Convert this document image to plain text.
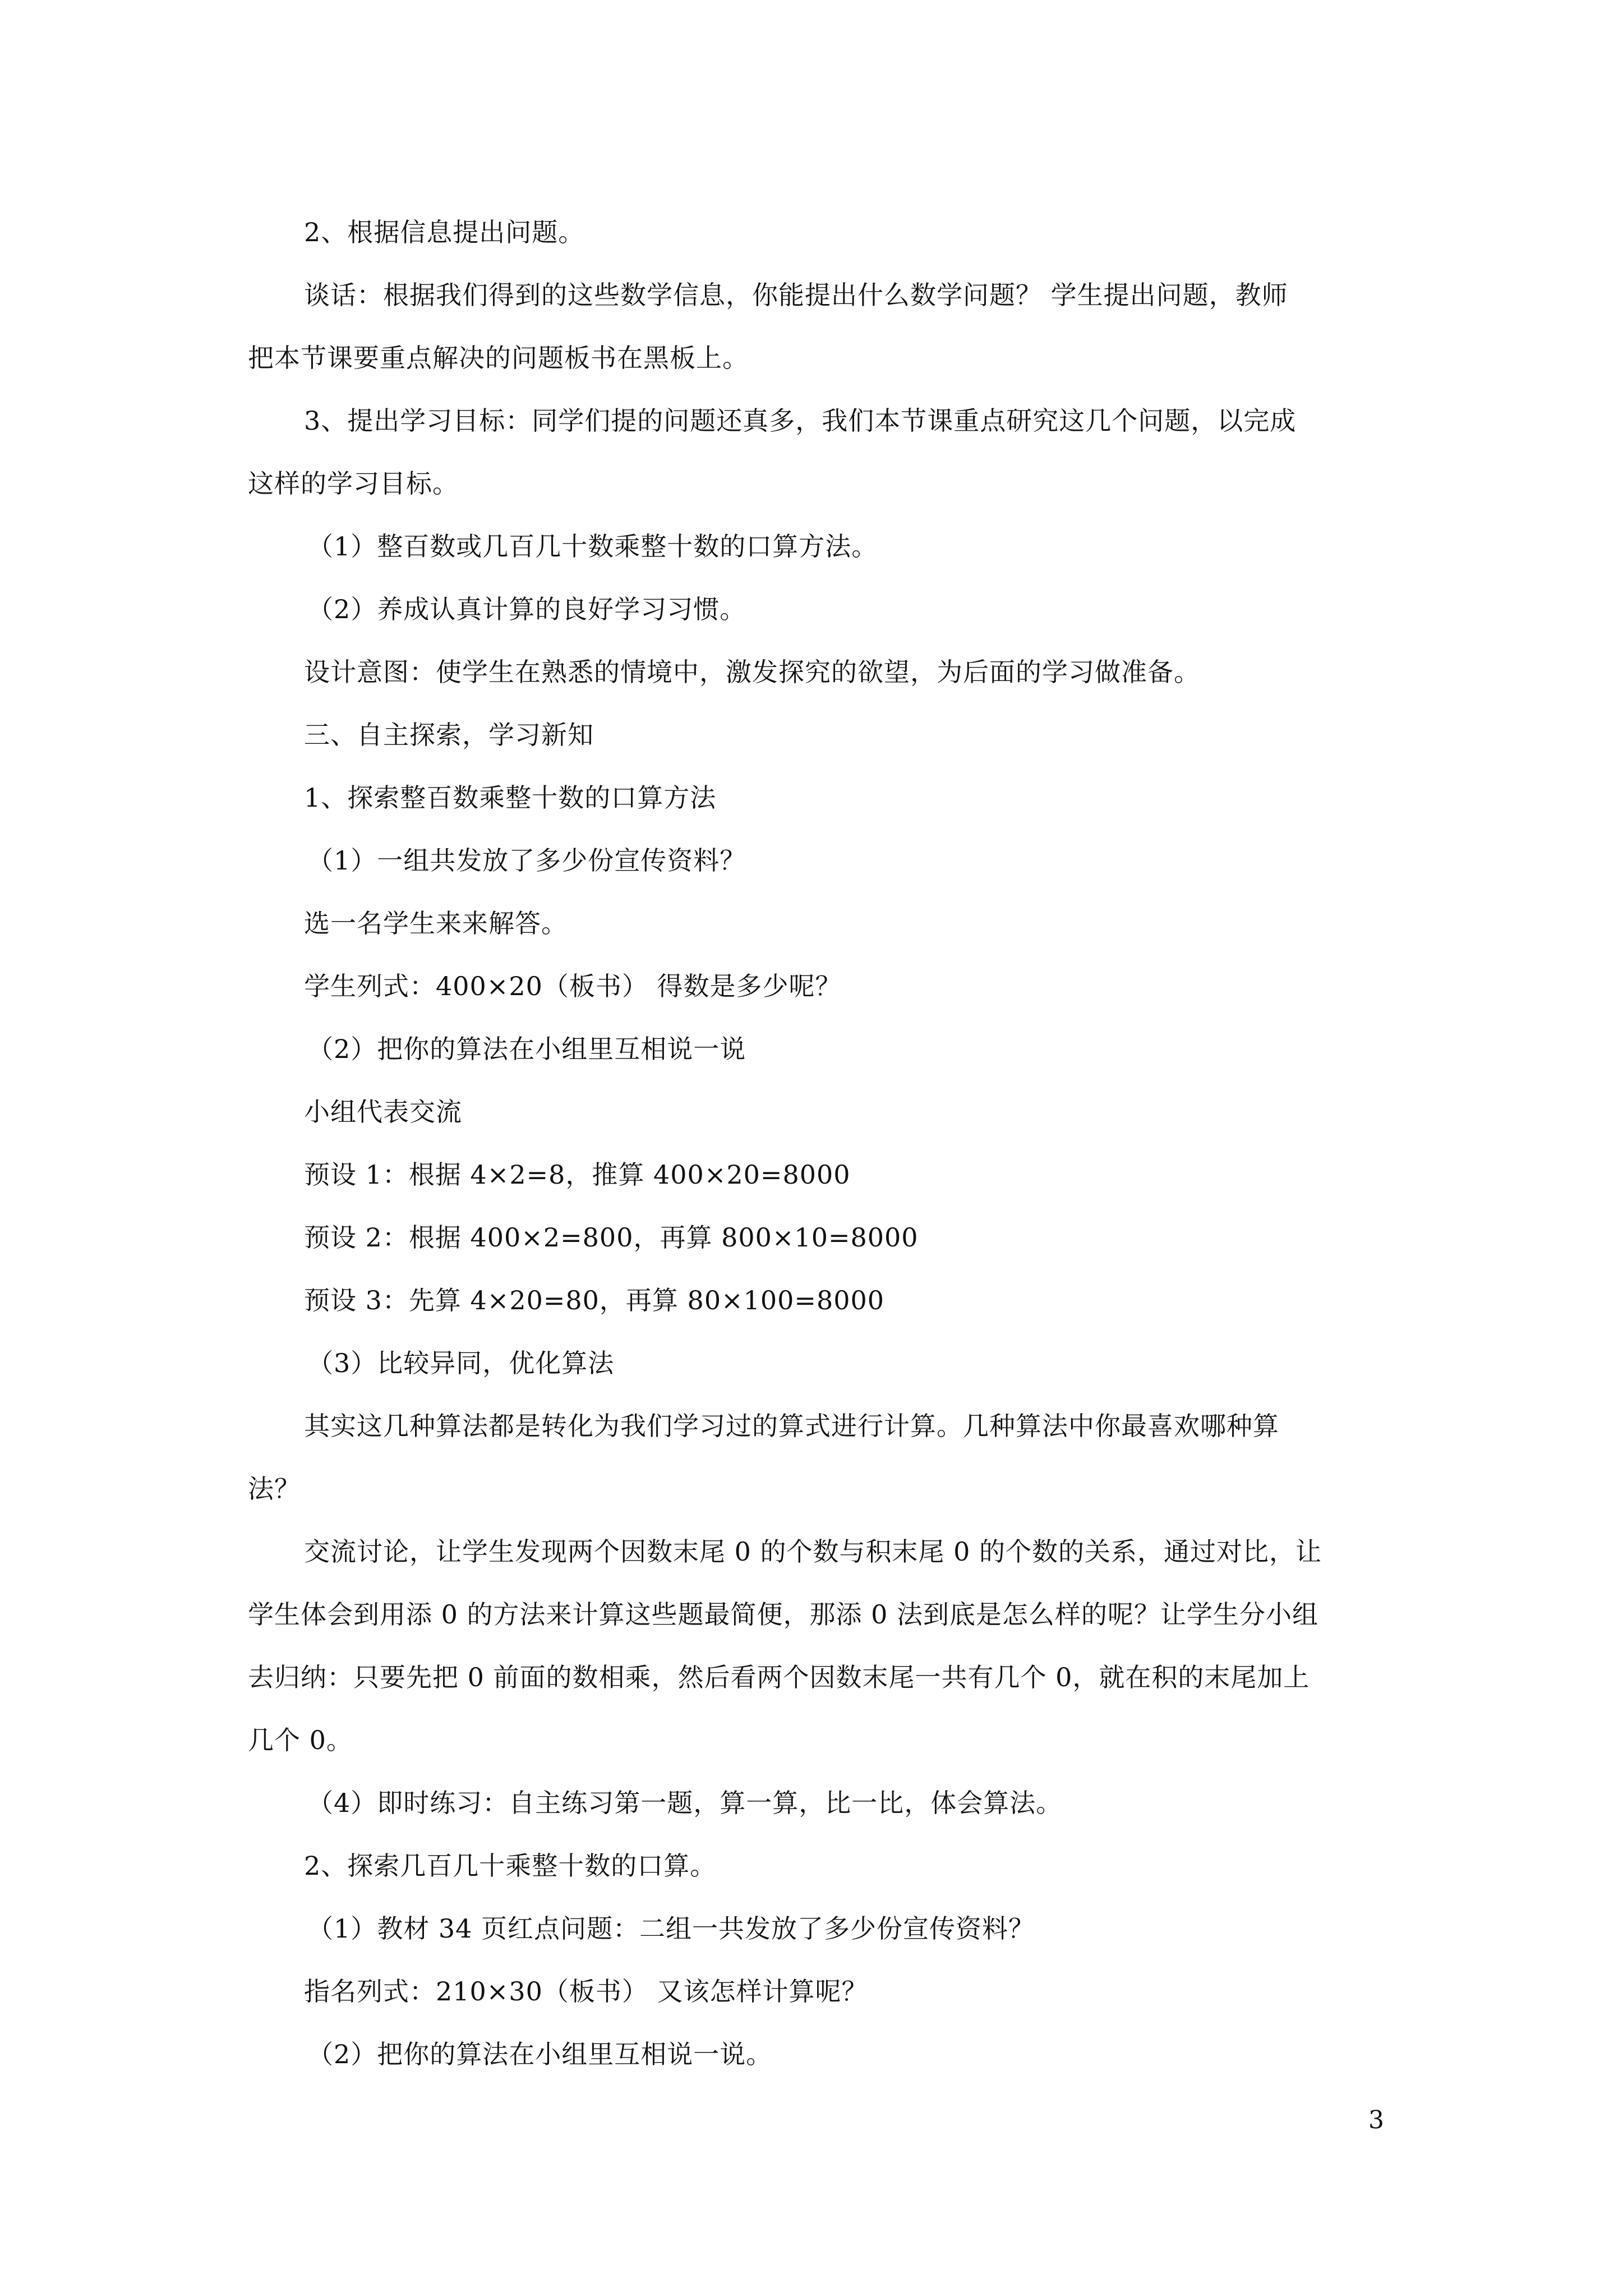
2、根据信息提出问题。
谈话：根据我们得到的这些数学信息，你能提出什么数学问题？ 学生提出问题，教师
把本节课要重点解决的问题板书在黑板上。
3、提出学习目标：同学们提的问题还真多，我们本节课重点研究这几个问题，以完成
这样的学习目标。
（1）整百数或几百几十数乘整十数的口算方法。
（2）养成认真计算的良好学习习惯。
设计意图：使学生在熟悉的情境中，激发探究的欲望，为后面的学习做准备。
三、自主探索，学习新知
1、探索整百数乘整十数的口算方法
（1）一组共发放了多少份宣传资料？
选一名学生来来解答。
学生列式：400×20（板书） 得数是多少呢？
（2）把你的算法在小组里互相说一说
小组代表交流
预设 1：根据 4×2=8，推算 400×20=8000
预设 2：根据 400×2=800，再算 800×10=8000
预设 3：先算 4×20=80，再算 80×100=8000
（3）比较异同，优化算法
其实这几种算法都是转化为我们学习过的算式进行计算。几种算法中你最喜欢哪种算
法？
交流讨论，让学生发现两个因数末尾 0 的个数与积末尾 0 的个数的关系，通过对比，让
学生体会到用添 0 的方法来计算这些题最简便，那添 0 法到底是怎么样的呢？让学生分小组
去归纳：只要先把 0 前面的数相乘，然后看两个因数末尾一共有几个 0，就在积的末尾加上
几个 0。
（4）即时练习：自主练习第一题，算一算，比一比，体会算法。
2、探索几百几十乘整十数的口算。
（1）教材 34 页红点问题：二组一共发放了多少份宣传资料？
指名列式：210×30（板书） 又该怎样计算呢？
（2）把你的算法在小组里互相说一说。
3
